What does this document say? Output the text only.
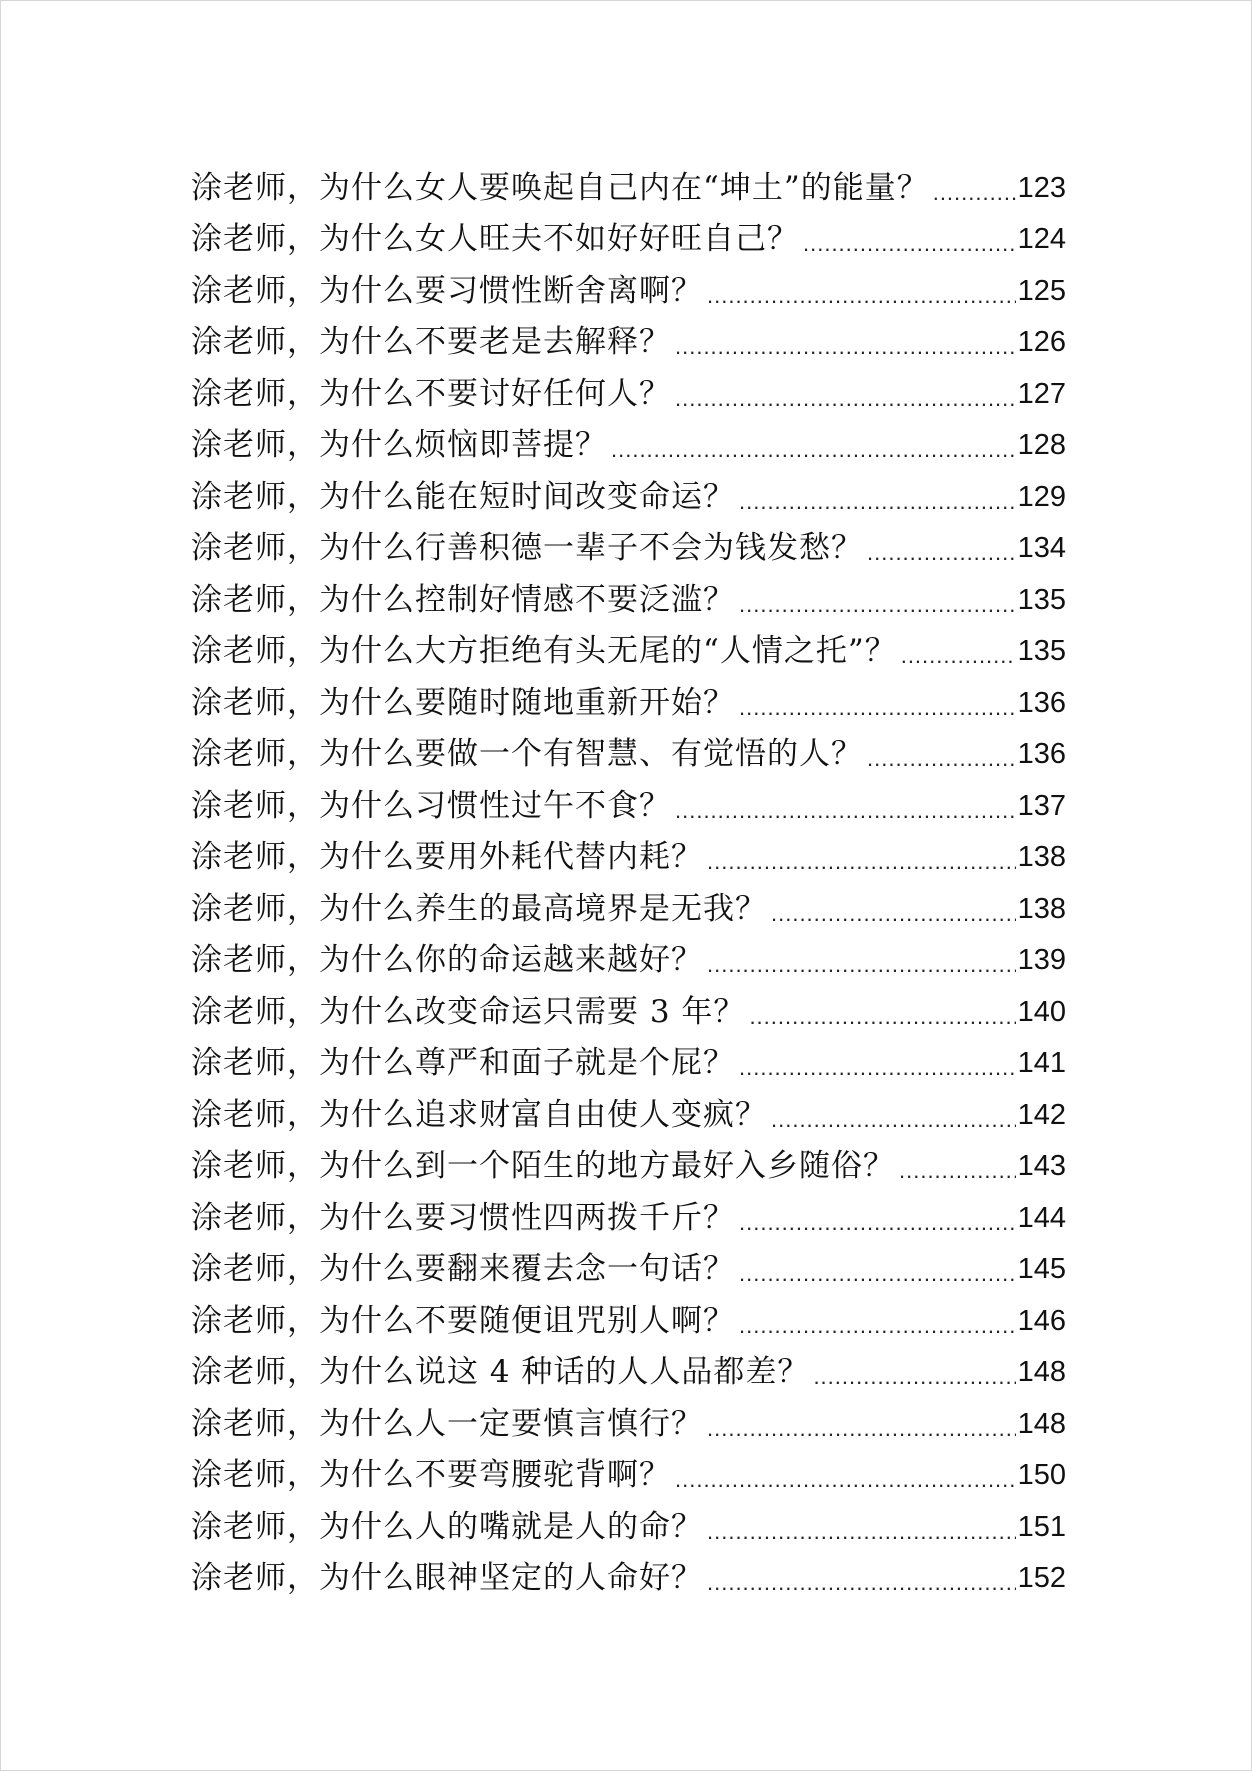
涂老师，为什么女人要唤起自己内在“坤土”的能量？ .....	123
涂老师，为什么女人旺夫不如好好旺自己？ .....	124
涂老师，为什么要习惯性断舍离啊？ .....	125
涂老师，为什么不要老是去解释？ .....	126
涂老师，为什么不要讨好任何人？ .....	127
涂老师，为什么烦恼即菩提？ .....	128
涂老师，为什么能在短时间改变命运？ .....	129
涂老师，为什么行善积德一辈子不会为钱发愁？ .....	134
涂老师，为什么控制好情感不要泛滥？ .....	135
涂老师，为什么大方拒绝有头无尾的“人情之托”？ .....	135
涂老师，为什么要随时随地重新开始？ .....	136
涂老师，为什么要做一个有智慧、有觉悟的人？ .....	136
涂老师，为什么习惯性过午不食？ .....	137
涂老师，为什么要用外耗代替内耗？ .....	138
涂老师，为什么养生的最高境界是无我？ .....	138
涂老师，为什么你的命运越来越好？ .....	139
涂老师，为什么改变命运只需要 3 年？ .....	140
涂老师，为什么尊严和面子就是个屁？ .....	141
涂老师，为什么追求财富自由使人变疯？ .....	142
涂老师，为什么到一个陌生的地方最好入乡随俗？ .....	143
涂老师，为什么要习惯性四两拨千斤？ .....	144
涂老师，为什么要翻来覆去念一句话？ .....	145
涂老师，为什么不要随便诅咒别人啊？ .....	146
涂老师，为什么说这 4 种话的人人品都差？ .....	148
涂老师，为什么人一定要慎言慎行？ .....	148
涂老师，为什么不要弯腰驼背啊？ .....	150
涂老师，为什么人的嘴就是人的命？ .....	151
涂老师，为什么眼神坚定的人命好？ .....	152
